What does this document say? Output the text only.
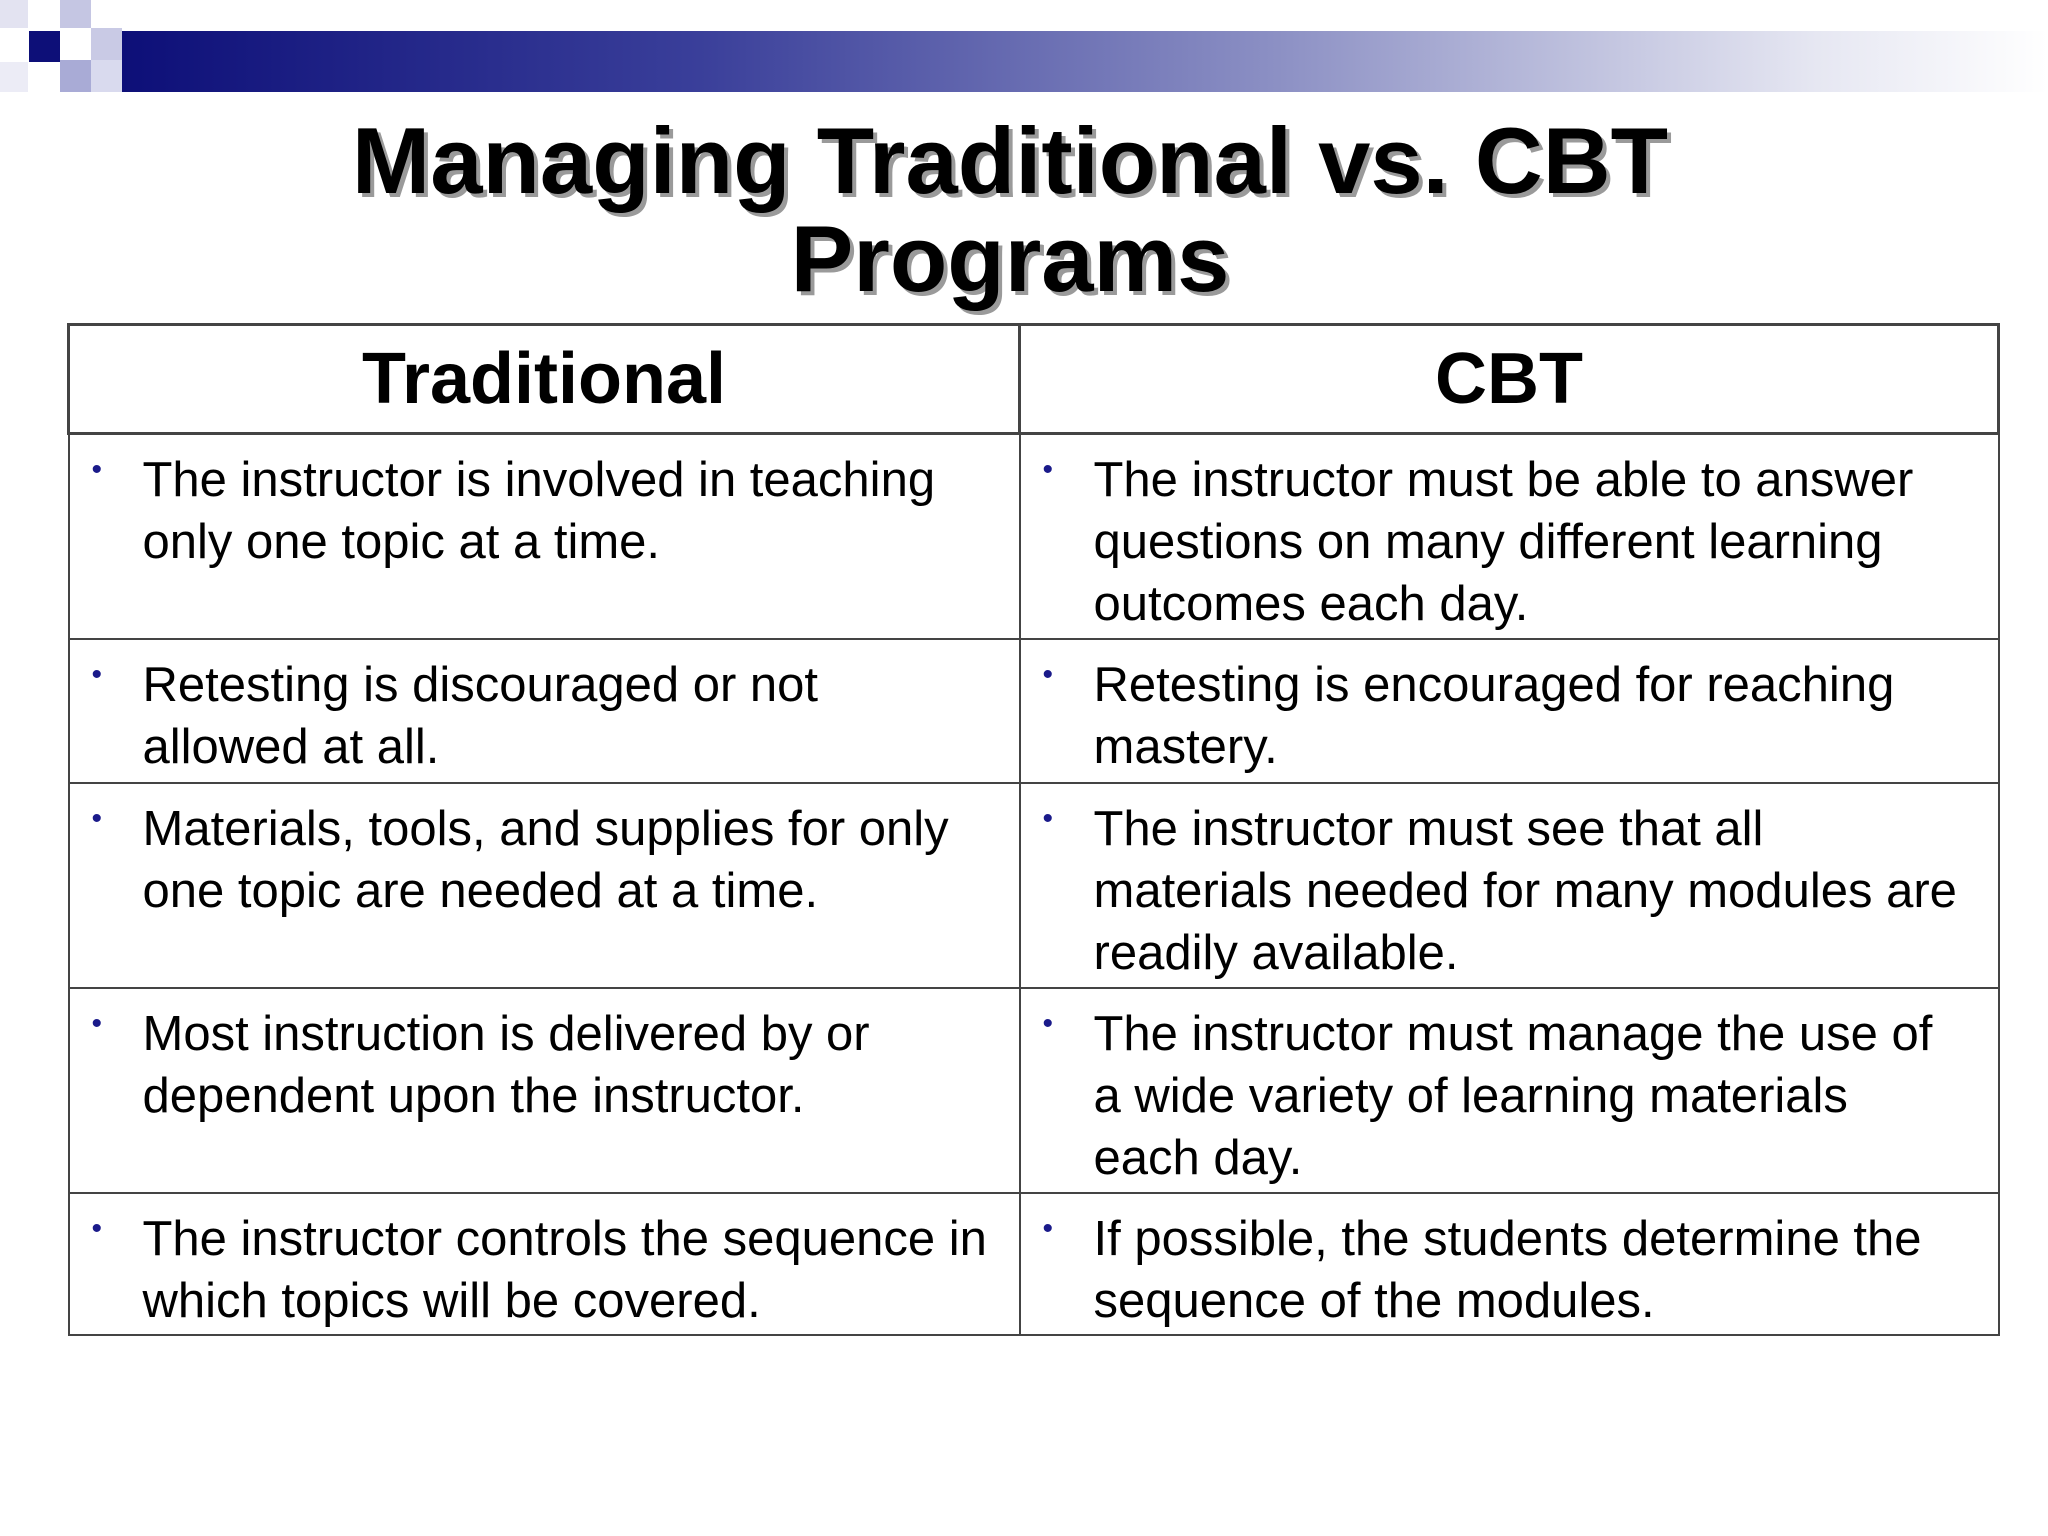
Managing Traditional vs. CBT
Programs
Traditional	CBT

• The instructor is involved in teaching only one topic at a time.	• The instructor must be able to answer questions on many different learning outcomes each day.

• Retesting is discouraged or not allowed at all.	• Retesting is encouraged for reaching mastery.

• Materials, tools, and supplies for only one topic are needed at a time.	• The instructor must see that all materials needed for many modules are readily available.

• Most instruction is delivered by or dependent upon the instructor.	• The instructor must manage the use of a wide variety of learning materials each day.

• The instructor controls the sequence in which topics will be covered.	• If possible, the students determine the sequence of the modules.
